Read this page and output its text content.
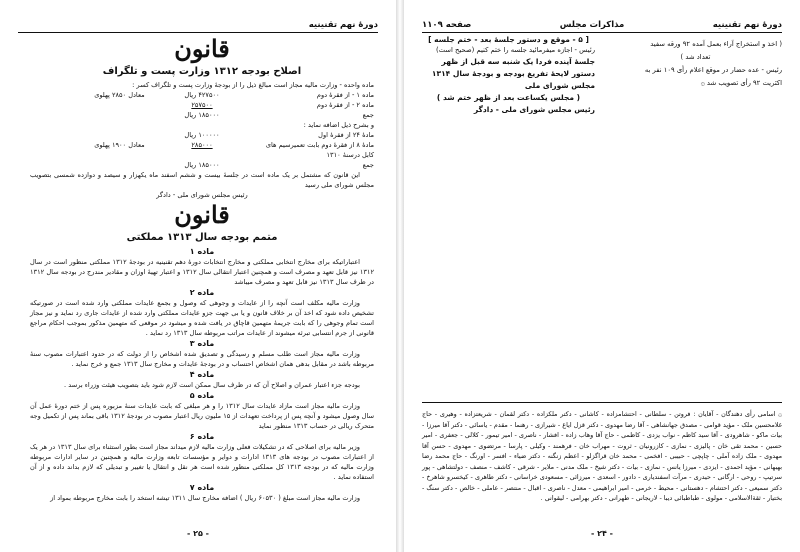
دورهٔ نهم تقنینیه
قانون
اصلاح بودجه ۱۳۱۲ وزارت پست و تلگراف

ماده واحده - وزارت مالیه مجاز است مبالغ ذیل را از بودجهٔ وزارت پست و تلگراف کسر :

ماده ۱ - از فقرهٔ دوم
۴۲۷۵۰۰ ریال
معادل ۲۸۵۰ پهلوی
ماده ۲ - از فقرهٔ دوم
۲۵۷۵۰۰
جمع
۱۸۵۰۰۰ ریال

و بشرح ذیل اضافه نماید :

مادهٔ ۲۴ از فقرهٔ اول
۱۰۰۰۰۰ ریال
مادهٔ ۸ از فقرهٔ دوم بابت تعمیرسیم های کابل درسنهٔ ۱۳۱۰
۲۸۵۰۰۰
معادل ۱۹۰۰ پهلوی
جمع
۱۸۵۰۰۰ ریال

این قانون که مشتمل بر یک ماده است در جلسهٔ بیست و ششم اسفند ماه یکهزار و سیصد و دوازده شمسی بتصویب مجلس شورای ملی رسید

رئیس مجلس شورای ملی - دادگر
قانون
متمم بودجه سال ۱۳۱۳ مملکتی
ماده ۱

اعتباراتیکه برای مخارج انتخابی مملکتی و مخارج انتخابات دورهٔ دهم تقنینیه در بودجهٔ ۱۳۱۲ مملکتی منظور است در سال ۱۳۱۲ نیز قابل تعهد و مصرف است و همچنین اعتبار انتقالی سال ۱۳۱۲ و اعتبار تهیهٔ اوزان و مقادیر مندرج در بودجه سال ۱۳۱۲ در ظرف سال ۱۳۱۳ نیز قابل تعهد و مصرف میباشد

ماده ۲

وزارت مالیه مکلف است آنچه را از عایدات و وجوهی که وصول و بجمع عایدات مملکتی وارد شده است در صورتیکه تشخیص داده شود که اخذ آن بر خلاف قانون و یا بی جهت جزو عایدات مملکتی وارد شده از عایدات جاری رد نماید و نیز مجاز است تمام وجوهی را که بابت جریمهٔ متهمین قاچاق در یافت شده و میشود در موقعی که متهمین مذکور بموجب احکام مراجع قانونی از جرم انتسابی تبرئه میشوند از عایدات مراتب مربوطه سال ۱۳۱۳ رد نماید .

ماده ۳

وزارت مالیه مجاز است طلب مسلم و رسیدگی و تصدیق شده اشخاص را از دولت که در حدود اعتبارات مصوب سنهٔ مربوطه باشد در مقابل بدهی همان اشخاص احتساب و در بودجهٔ عایدات و مخارج سال ۱۳۱۳ جمع و خرج نماید .

ماده ۴

بودجه جزء اعتبار عمران و اصلاح آن که در ظرف سال ممکن است لازم شود باید بتصویب هیئت وزراء برسد .

ماده ۵

وزارت مالیه مجاز است مازاد عایدات سال ۱۳۱۲ را و هر مبلغی که بابت عایدات سنهٔ مزبوره پس از ختم دورهٔ عمل آن سال وصول میشود و آنچه پس از پرداخت تعهدات از ۱۵ ملیون ریال اعتبار مصوب در بودجهٔ ۱۳۱۲ باقی بماند پس از تکمیل وجه متحرک ریالی در حساب ۱۳۱۳ منظور نماید

ماده ۶

وزیر مالیه برای اصلاحی که در تشکیلات فعلی وزارت مالیه لازم میداند مجاز است بطور استثناء برای سال ۱۳۱۳ در هر یک از اعتبارات مصوب در بودجه های ۱۳۱۳ ادارات و دوایر و مؤسسات تابعه وزارت مالیه و همچنین در سایر ادارات مربوطه وزارت مالیه که در بودجه ۱۳۱۳ کل مملکتی منظور شده است هر نقل و انتقال یا تغییر و تبدیلی که لازم بداند داده و از آن استفاده نماید .

ماده ۷

وزارت مالیه مجاز است مبلغ ( ۶۰۵۳۰ ریال ) اضافه مخارج سال ۱۳۱۱ تیشه استخد را بابت مخارج مربوطه بمواد از

- ۲۵ -
دورهٔ نهم تقنینیه
مذاکرات مجلس
صفحه ۱۱۰۹
( اخذ و استخراج آراء بعمل آمده ۹۲ ورقه سفید
تعداد شد )
رئیس - عده حضار در موقع اعلام رأی ۱۰۹ نفر به
اکثریت ۹۲ رأی تصویب شد ۞
[ ۵ - موقع و دستور جلسهٔ بعد - ختم جلسه ]
رئیس - اجازه میفرمائید جلسه را ختم کنیم (صحیح است)
جلسهٔ آینده فردا یک شنبه سه قبل از ظهر دستور لایحهٔ تفریغ بودجه و بودجهٔ سال ۱۳۱۴ مجلس شورای ملی
( مجلس یکساعت بعد از ظهر ختم شد )
رئیس مجلس شورای ملی - دادگر
۞ اسامی رأی دهندگان - آقایان : فروتن - سلطانی - احتشامزاده - کاشانی - دکتر ملکزاده - دکتر لقمان - شریعتزاده - وهیری - حاج غلامحسین ملک - مؤید قوامی - مصدق جهانشاهی - آقا رضا مهدوی - دکتر قزل ایاغ - شیرازی - رهنما - مقدم - یاسائی - دکتر آقا میرزا - بیات ماکو - شاهرودی - آقا سید کاظم - نواب یزدی - کاظمی - حاج آقا وهاب زاده - افشار - ناصری - امیر تیمور - کلالی - جعفری - امیر حسین - محمد تقی خان - پالیزی - نمازی - کازرونیان - ثروت - مهراب خان - فرهمند - وکیلی - پارسا - مرتضوی - مهدوی - حسن آقا مهدوی - ملک زاده آملی - چاپچی - حبیبی - افخمی - محمد خان قراگزلو - اعظم زنگنه - دکتر ضیاء - افسر - اورنگ - حاج محمد رضا بهبهانی - مؤید احمدی - ایزدی - میرزا یانس - نمازی - بیات - دکتر شیخ - ملک مدنی - ملایر - شرقی - کاشف - منصف - دولتشاهی - پور سرتیپ - روحی - ارگانی - حیدری - مرآت اسفندیاری - دادور - اسعدی - میرزائی - مسعودی خراسانی - دکتر طاهری - کیخسرو شاهرخ - دکتر سمیعی - دکتر احتشام - دهستانی - محیط - خرمی - امیر ابراهیمی - معدل - ناصری - اقبال - منتصر - عاملی - خالص - دکتر سنگ - بختیار - ثقةالاسلامی - مولوی - طباطبائی دیبا - لاریجانی - طهرانی - دکتر بهرامی - لیقوانی .
- ۲۴ -
